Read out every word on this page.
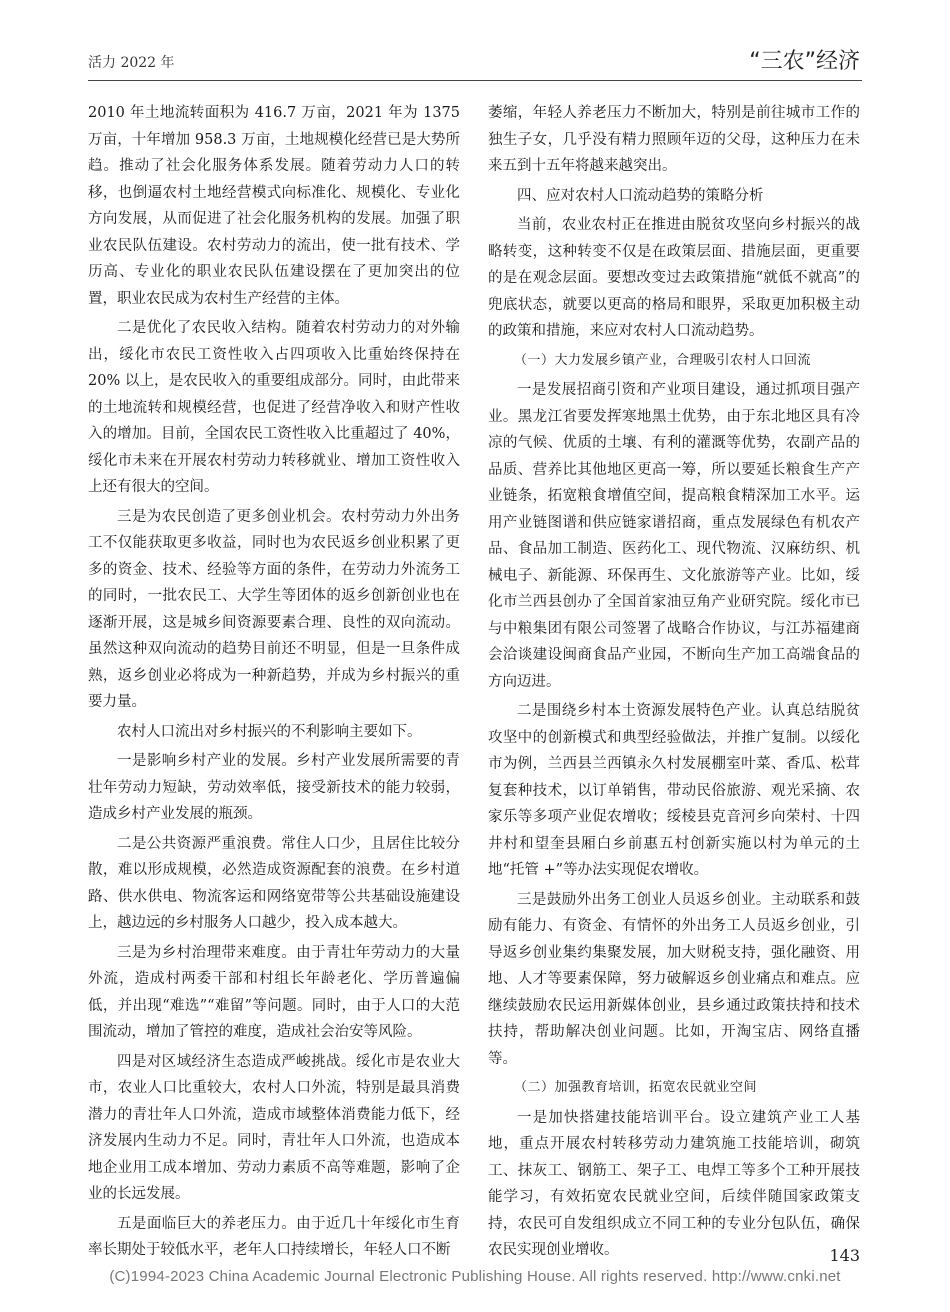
活力 2022 年	“三农”经济

2010 年土地流转面积为 416.7 万亩，2021 年为 1375 万亩，十年增加 958.3 万亩，土地规模化经营已是大势所趋。推动了社会化服务体系发展。随着劳动力人口的转移，也倒逼农村土地经营模式向标准化、规模化、专业化方向发展，从而促进了社会化服务机构的发展。加强了职业农民队伍建设。农村劳动力的流出，使一批有技术、学历高、专业化的职业农民队伍建设摆在了更加突出的位置，职业农民成为农村生产经营的主体。

二是优化了农民收入结构。随着农村劳动力的对外输出，绥化市农民工资性收入占四项收入比重始终保持在 20% 以上，是农民收入的重要组成部分。同时，由此带来的土地流转和规模经营，也促进了经营净收入和财产性收入的增加。目前，全国农民工资性收入比重超过了 40%，绥化市未来在开展农村劳动力转移就业、增加工资性收入上还有很大的空间。

三是为农民创造了更多创业机会。农村劳动力外出务工不仅能获取更多收益，同时也为农民返乡创业积累了更多的资金、技术、经验等方面的条件，在劳动力外流务工的同时，一批农民工、大学生等团体的返乡创新创业也在逐渐开展，这是城乡间资源要素合理、良性的双向流动。虽然这种双向流动的趋势目前还不明显，但是一旦条件成熟，返乡创业必将成为一种新趋势，并成为乡村振兴的重要力量。

农村人口流出对乡村振兴的不利影响主要如下。

一是影响乡村产业的发展。乡村产业发展所需要的青壮年劳动力短缺，劳动效率低，接受新技术的能力较弱，造成乡村产业发展的瓶颈。

二是公共资源严重浪费。常住人口少，且居住比较分散，难以形成规模，必然造成资源配套的浪费。在乡村道路、供水供电、物流客运和网络宽带等公共基础设施建设上，越边远的乡村服务人口越少，投入成本越大。

三是为乡村治理带来难度。由于青壮年劳动力的大量外流，造成村两委干部和村组长年龄老化、学历普遍偏低，并出现“难选”“难留”等问题。同时，由于人口的大范围流动，增加了管控的难度，造成社会治安等风险。

四是对区域经济生态造成严峻挑战。绥化市是农业大市，农业人口比重较大，农村人口外流，特别是最具消费潜力的青壮年人口外流，造成市域整体消费能力低下，经济发展内生动力不足。同时，青壮年人口外流，也造成本地企业用工成本增加、劳动力素质不高等难题，影响了企业的长远发展。

五是面临巨大的养老压力。由于近几十年绥化市生育率长期处于较低水平，老年人口持续增长，年轻人口不断

萎缩，年轻人养老压力不断加大，特别是前往城市工作的独生子女，几乎没有精力照顾年迈的父母，这种压力在未来五到十五年将越来越突出。

四、应对农村人口流动趋势的策略分析

当前，农业农村正在推进由脱贫攻坚向乡村振兴的战略转变，这种转变不仅是在政策层面、措施层面，更重要的是在观念层面。要想改变过去政策措施“就低不就高”的兜底状态，就要以更高的格局和眼界，采取更加积极主动的政策和措施，来应对农村人口流动趋势。

（一）大力发展乡镇产业，合理吸引农村人口回流

一是发展招商引资和产业项目建设，通过抓项目强产业。黑龙江省要发挥寒地黑土优势，由于东北地区具有冷凉的气候、优质的土壤、有利的灌溉等优势，农副产品的品质、营养比其他地区更高一筹，所以要延长粮食生产产业链条，拓宽粮食增值空间，提高粮食精深加工水平。运用产业链图谱和供应链家谱招商，重点发展绿色有机农产品、食品加工制造、医药化工、现代物流、汉麻纺织、机械电子、新能源、环保再生、文化旅游等产业。比如，绥化市兰西县创办了全国首家油豆角产业研究院。绥化市已与中粮集团有限公司签署了战略合作协议，与江苏福建商会洽谈建设闽商食品产业园，不断向生产加工高端食品的方向迈进。

二是围绕乡村本土资源发展特色产业。认真总结脱贫攻坚中的创新模式和典型经验做法，并推广复制。以绥化市为例，兰西县兰西镇永久村发展棚室叶菜、香瓜、松茸复套种技术，以订单销售，带动民俗旅游、观光采摘、农家乐等多项产业促农增收；绥棱县克音河乡向荣村、十四井村和望奎县厢白乡前惠五村创新实施以村为单元的土地“托管 +”等办法实现促农增收。

三是鼓励外出务工创业人员返乡创业。主动联系和鼓励有能力、有资金、有情怀的外出务工人员返乡创业，引导返乡创业集约集聚发展，加大财税支持，强化融资、用地、人才等要素保障，努力破解返乡创业痛点和难点。应继续鼓励农民运用新媒体创业，县乡通过政策扶持和技术扶持，帮助解决创业问题。比如，开淘宝店、网络直播等。

（二）加强教育培训，拓宽农民就业空间

一是加快搭建技能培训平台。设立建筑产业工人基地，重点开展农村转移劳动力建筑施工技能培训，砌筑工、抹灰工、钢筋工、架子工、电焊工等多个工种开展技能学习，有效拓宽农民就业空间，后续伴随国家政策支持，农民可自发组织成立不同工种的专业分包队伍，确保农民实现创业增收。	143
(C)1994-2023 China Academic Journal Electronic Publishing House. All rights reserved. http://www.cnki.net
